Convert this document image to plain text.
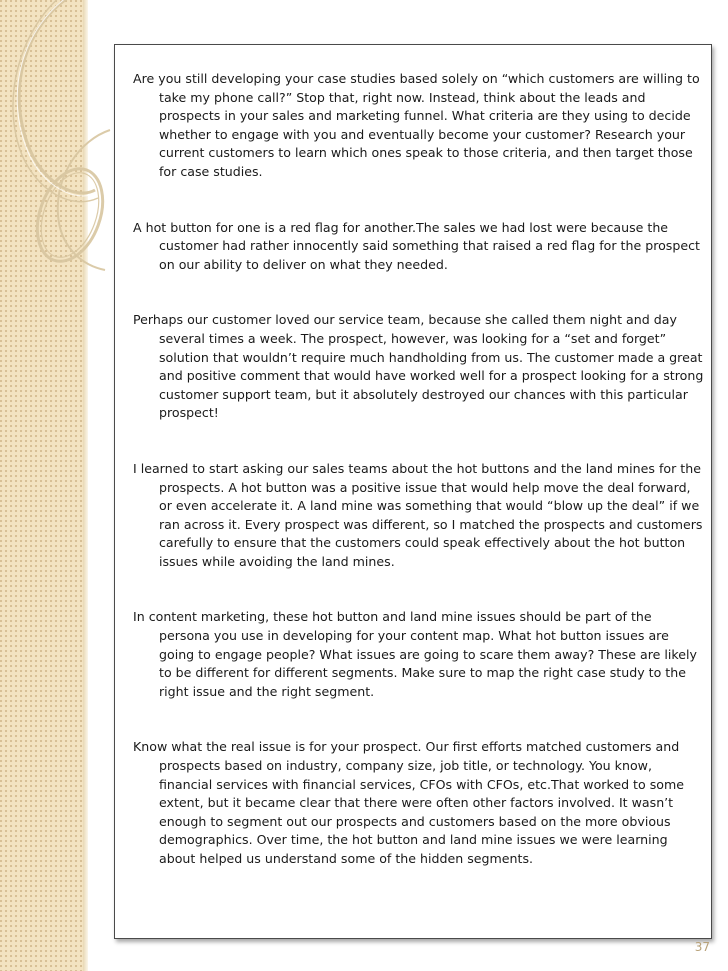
Are you still developing your case studies based solely on “which customers are willing to take my phone call?” Stop that, right now. Instead, think about the leads and prospects in your sales and marketing funnel. What criteria are they using to decide whether to engage with you and eventually become your customer? Research your current customers to learn which ones speak to those criteria, and then target those for case studies.

A hot button for one is a red flag for another.The sales we had lost were because the customer had rather innocently said something that raised a red flag for the prospect on our ability to deliver on what they needed.

Perhaps our customer loved our service team, because she called them night and day several times a week. The prospect, however, was looking for a “set and forget” solution that wouldn’t require much handholding from us. The customer made a great and positive comment that would have worked well for a prospect looking for a strong customer support team, but it absolutely destroyed our chances with this particular prospect!

I learned to start asking our sales teams about the hot buttons and the land mines for the prospects. A hot button was a positive issue that would help move the deal forward, or even accelerate it. A land mine was something that would “blow up the deal” if we ran across it. Every prospect was different, so I matched the prospects and customers carefully to ensure that the customers could speak effectively about the hot button issues while avoiding the land mines.

In content marketing, these hot button and land mine issues should be part of the persona you use in developing for your content map. What hot button issues are going to engage people? What issues are going to scare them away? These are likely to be different for different segments. Make sure to map the right case study to the right issue and the right segment.

Know what the real issue is for your prospect. Our first efforts matched customers and prospects based on industry, company size, job title, or technology. You know, financial services with financial services, CFOs with CFOs, etc.That worked to some extent, but it became clear that there were often other factors involved. It wasn’t enough to segment out our prospects and customers based on the more obvious demographics. Over time, the hot button and land mine issues we were learning about helped us understand some of the hidden segments.

37
